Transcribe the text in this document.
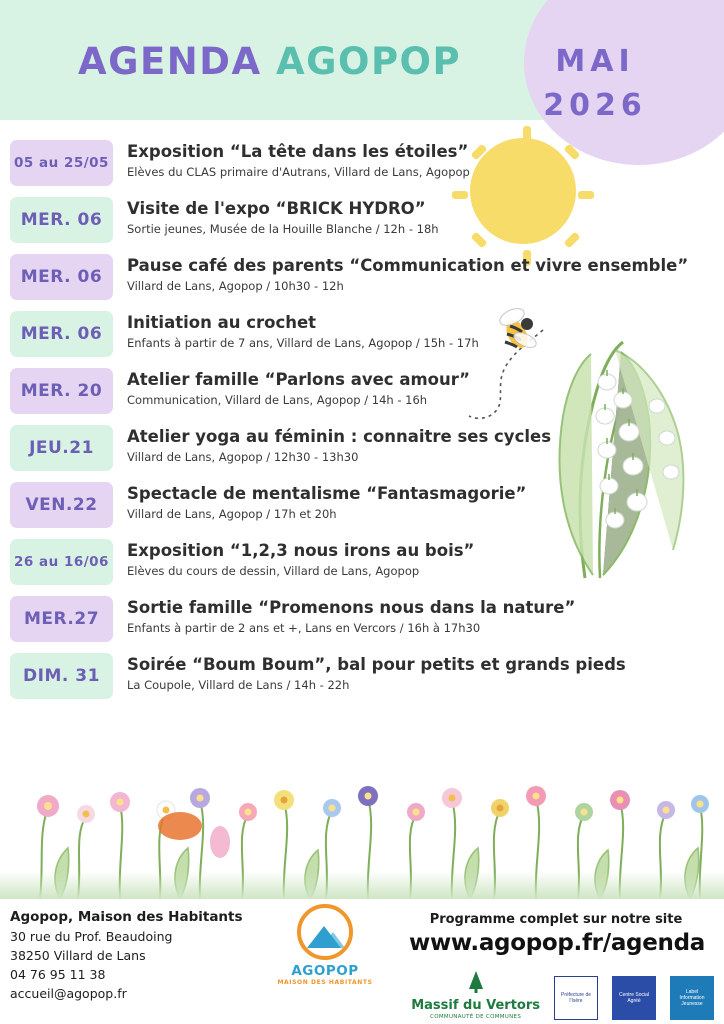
AGENDA AGOPOP	MAI
2026
05 au 25/05
Exposition “La tête dans les étoiles”
Elèves du CLAS primaire d'Autrans, Villard de Lans, Agopop
MER. 06
Visite de l'expo “BRICK HYDRO”
Sortie jeunes, Musée de la Houille Blanche / 12h - 18h
MER. 06
Pause café des parents “Communication et vivre ensemble”
Villard de Lans, Agopop / 10h30 - 12h
MER. 06
Initiation au crochet
Enfants à partir de 7 ans, Villard de Lans, Agopop / 15h - 17h
MER. 20
Atelier famille “Parlons avec amour”
Communication, Villard de Lans, Agopop / 14h - 16h
JEU.21
Atelier yoga au féminin : connaitre ses cycles
Villard de Lans, Agopop / 12h30 - 13h30
VEN.22
Spectacle de mentalisme “Fantasmagorie”
Villard de Lans, Agopop / 17h et 20h
26 au 16/06
Exposition “1,2,3 nous irons au bois”
Elèves du cours de dessin, Villard de Lans, Agopop
MER.27
Sortie famille “Promenons nous dans la nature”
Enfants à partir de 2 ans et +, Lans en Vercors / 16h à 17h30
DIM. 31
Soirée “Boum Boum”, bal pour petits et grands pieds
La Coupole, Villard de Lans / 14h - 22h
Agopop, Maison des Habitants
30 rue du Prof. Beaudoing
38250 Villard de Lans
04 76 95 11 38
accueil@agopop.fr
AGOPOP
MAISON DES HABITANTS
Programme complet sur notre site
www.agopop.fr/agenda
Massif du Vertors
COMMUNAUTÉ DE COMMUNES
Préfecture de l'Isère
Centre Social Agréé
Label Information Jeunesse
